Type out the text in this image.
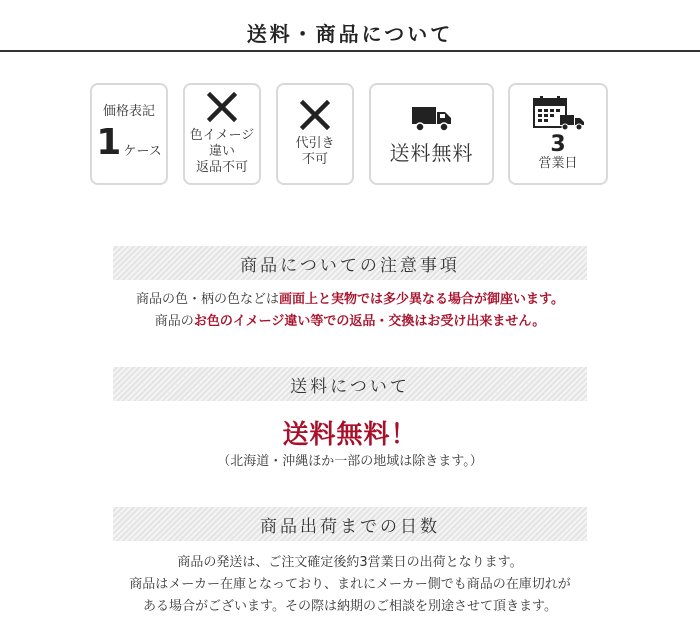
送料・商品について
価格表記
1 ケース
色イメージ
違い
返品不可
代引き
不可	送料無料	3
営業日
商品についての注意事項
商品の色・柄の色などは画面上と実物では多少異なる場合が御座います。
商品のお色のイメージ違い等での返品・交換はお受け出来ません。
送料について
送料無料！
（北海道・沖縄ほか一部の地域は除きます。）
商品出荷までの日数
商品の発送は、ご注文確定後約3営業日の出荷となります。
商品はメーカー在庫となっており、まれにメーカー側でも商品の在庫切れが
ある場合がございます。その際は納期のご相談を別途させて頂きます。
